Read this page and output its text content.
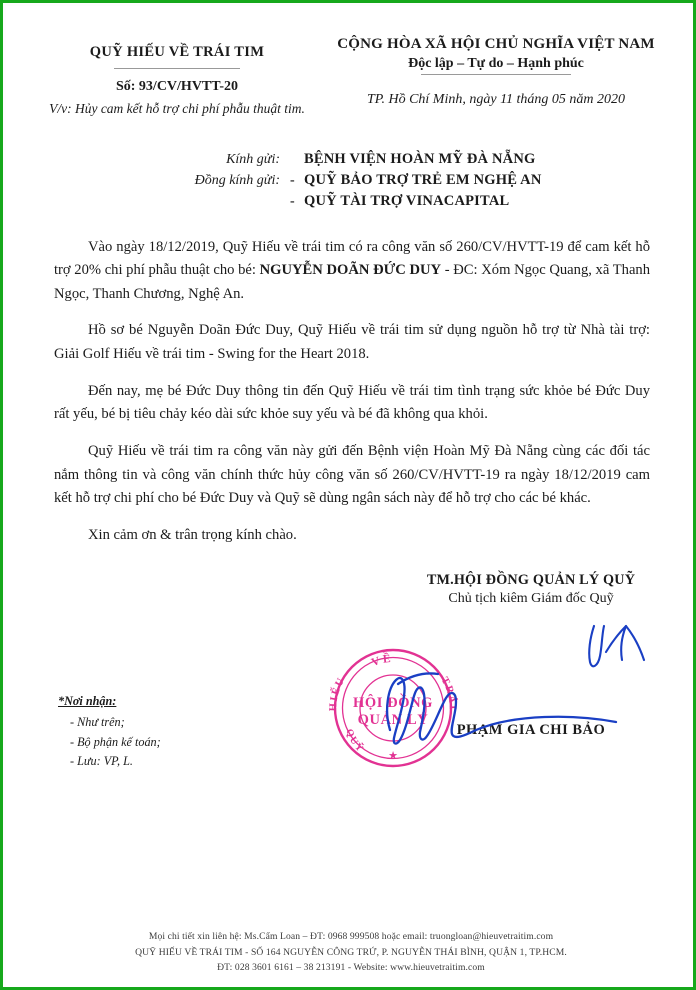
QUỸ HIẾU VỀ TRÁI TIM
Số: 93/CV/HVTT-20
V/v: Hủy cam kết hỗ trợ chi phí phẫu thuật tim.
CỘNG HÒA XÃ HỘI CHỦ NGHĨA VIỆT NAM
Độc lập – Tự do – Hạnh phúc
TP. Hồ Chí Minh, ngày 11 tháng 05 năm 2020
Kính gửi:	BỆNH VIỆN HOÀN MỸ ĐÀ NẴNG
Đồng kính gửi: - QUỸ BẢO TRỢ TRẺ EM NGHỆ AN
- QUỸ TÀI TRỢ VINACAPITAL

Vào ngày 18/12/2019, Quỹ Hiếu về trái tim có ra công văn số 260/CV/HVTT-19 để cam kết hỗ trợ 20% chi phí phẫu thuật cho bé: NGUYỄN DOÃN ĐỨC DUY - ĐC: Xóm Ngọc Quang, xã Thanh Ngọc, Thanh Chương, Nghệ An.

Hồ sơ bé Nguyễn Doãn Đức Duy, Quỹ Hiếu về trái tim sử dụng nguồn hỗ trợ từ Nhà tài trợ: Giải Golf Hiếu về trái tim - Swing for the Heart 2018.

Đến nay, mẹ bé Đức Duy thông tin đến Quỹ Hiếu về trái tim tình trạng sức khỏe bé Đức Duy rất yếu, bé bị tiêu chảy kéo dài sức khỏe suy yếu và bé đã không qua khỏi.

Quỹ Hiếu về trái tim ra công văn này gửi đến Bệnh viện Hoàn Mỹ Đà Nẵng cùng các đối tác nắm thông tin và công văn chính thức hủy công văn số 260/CV/HVTT-19 ra ngày 18/12/2019 cam kết hỗ trợ chi phí cho bé Đức Duy và Quỹ sẽ dùng ngân sách này để hỗ trợ cho các bé khác.

Xin cảm ơn & trân trọng kính chào.

TM.HỘI ĐỒNG QUẢN LÝ QUỸ
Chủ tịch kiêm Giám đốc Quỹ
PHẠM GIA CHI BẢO
VỀ
HIẾU	TRÁI
QUỸ
HỘI ĐỒNG
QUẢN LÝ
★
*Nơi nhận:
- Như trên;
- Bộ phận kế toán;
- Lưu: VP, L.
Mọi chi tiết xin liên hệ: Ms.Cẩm Loan – ĐT: 0968 999508 hoặc email: truongloan@hieuvetraitim.com
QUỸ HIẾU VỀ TRÁI TIM - SỐ 164 NGUYỄN CÔNG TRỨ, P. NGUYỄN THÁI BÌNH, QUẬN 1, TP.HCM.
ĐT: 028 3601 6161 – 38 213191 - Website: www.hieuvetraitim.com
